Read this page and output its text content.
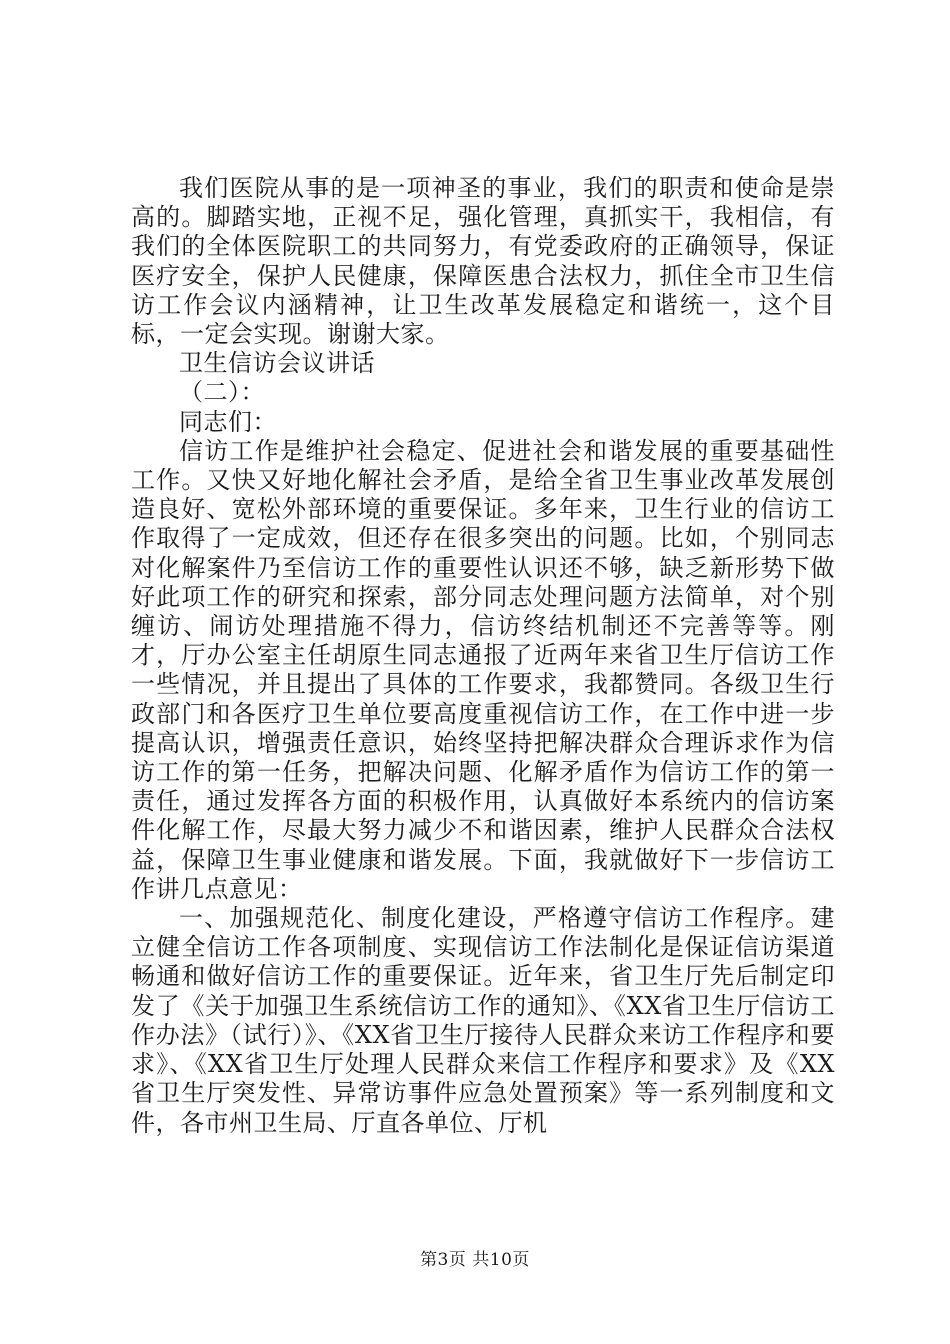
我们医院从事的是一项神圣的事业，我们的职责和使命是崇高的。脚踏实地，正视不足，强化管理，真抓实干，我相信，有我们的全体医院职工的共同努力，有党委政府的正确领导，保证医疗安全，保护人民健康，保障医患合法权力，抓住全市卫生信访工作会议内涵精神，让卫生改革发展稳定和谐统一，这个目标，一定会实现。谢谢大家。

卫生信访会议讲话

（二）：

同志们：

信访工作是维护社会稳定、促进社会和谐发展的重要基础性工作。又快又好地化解社会矛盾，是给全省卫生事业改革发展创造良好、宽松外部环境的重要保证。多年来，卫生行业的信访工作取得了一定成效，但还存在很多突出的问题。比如，个别同志对化解案件乃至信访工作的重要性认识还不够，缺乏新形势下做好此项工作的研究和探索，部分同志处理问题方法简单，对个别缠访、闹访处理措施不得力，信访终结机制还不完善等等。刚才，厅办公室主任胡原生同志通报了近两年来省卫生厅信访工作一些情况，并且提出了具体的工作要求，我都赞同。各级卫生行政部门和各医疗卫生单位要高度重视信访工作，在工作中进一步提高认识，增强责任意识，始终坚持把解决群众合理诉求作为信访工作的第一任务，把解决问题、化解矛盾作为信访工作的第一责任，通过发挥各方面的积极作用，认真做好本系统内的信访案件化解工作，尽最大努力减少不和谐因素，维护人民群众合法权益，保障卫生事业健康和谐发展。下面，我就做好下一步信访工作讲几点意见：

一、加强规范化、制度化建设，严格遵守信访工作程序。建立健全信访工作各项制度、实现信访工作法制化是保证信访渠道畅通和做好信访工作的重要保证。近年来，省卫生厅先后制定印发了《关于加强卫生系统信访工作的通知》、《XX省卫生厅信访工作办法》（试行）》、《XX省卫生厅接待人民群众来访工作程序和要求》、《XX省卫生厅处理人民群众来信工作程序和要求》及《XX省卫生厅突发性、异常访事件应急处置预案》等一系列制度和文件，各市州卫生局、厅直各单位、厅机

第3页 共10页
